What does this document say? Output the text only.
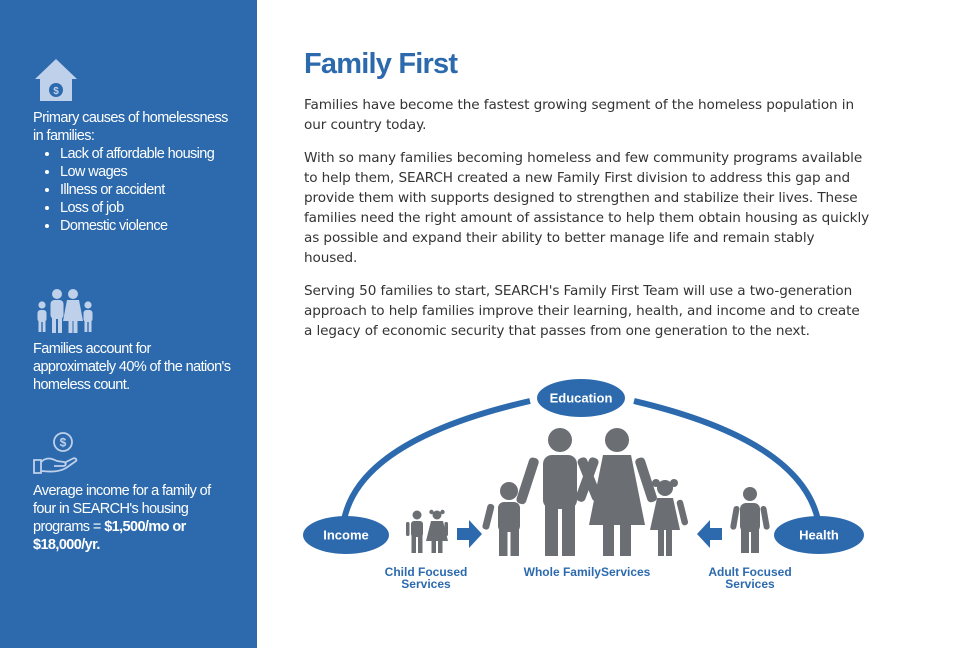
$
Primary causes of homelessness in families:
• Lack of affordable housing
• Low wages
• Illness or accident
• Loss of job
• Domestic violence
Families account for approximately 40% of the nation's homeless count.
$
Average income for a family of four in SEARCH's housing programs = $1,500/mo or $18,000/yr.
Family First

Families have become the fastest growing segment of the homeless population in our country today.

With so many families becoming homeless and few community programs available to help them, SEARCH created a new Family First division to address this gap and provide them with supports designed to strengthen and stabilize their lives. These families need the right amount of assistance to help them obtain housing as quickly as possible and expand their ability to better manage life and remain stably housed.

Serving 50 families to start, SEARCH's Family First Team will use a two-generation approach to help families improve their learning, health, and income and to create a legacy of economic security that passes from one generation to the next.

Education
Income	Health
Child Focused
Services
Whole FamilyServices	Adult Focused
Services
